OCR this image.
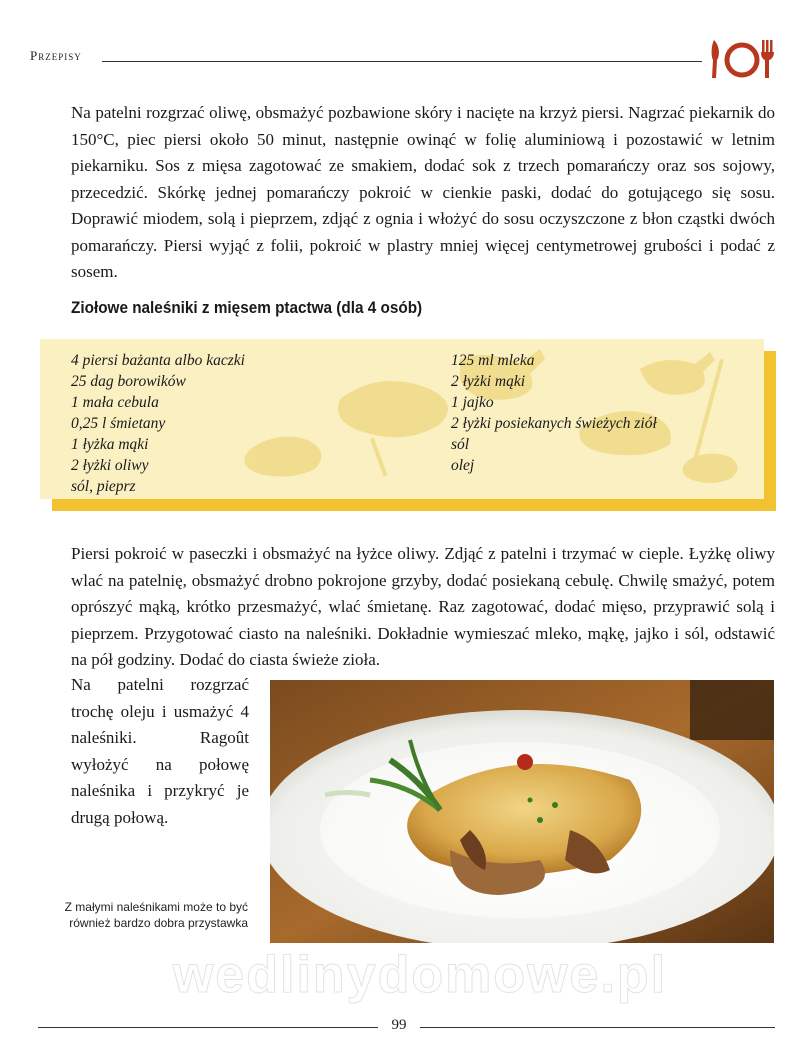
Przepisy

Na patelni rozgrzać oliwę, obsmażyć pozbawione skóry i nacięte na krzyż piersi. Nagrzać piekarnik do 150°C, piec piersi około 50 minut, następnie owinąć w folię aluminiową i pozostawić w letnim piekarniku. Sos z mięsa zagotować ze smakiem, dodać sok z trzech pomarańczy oraz sos sojowy, przecedzić. Skórkę jednej pomarańczy pokroić w cienkie paski, dodać do gotującego się sosu. Doprawić miodem, solą i pieprzem, zdjąć z ognia i włożyć do sosu oczyszczone z błon cząstki dwóch pomarańczy. Piersi wyjąć z folii, pokroić w plastry mniej więcej centymetrowej grubości i podać z sosem.

Ziołowe naleśniki z mięsem ptactwa (dla 4 osób)
4 piersi bażanta albo kaczki
25 dag borowików
1 mała cebula
0,25 l śmietany
1 łyżka mąki
2 łyżki oliwy
sól, pieprz
125 ml mleka
2 łyżki mąki
1 jajko
2 łyżki posiekanych świeżych ziół
sól
olej

Piersi pokroić w paseczki i obsmażyć na łyżce oliwy. Zdjąć z patelni i trzymać w cieple. Łyżkę oliwy wlać na patelnię, obsmażyć drobno pokrojone grzyby, dodać posiekaną cebulę. Chwilę smażyć, potem oprószyć mąką, krótko przesmażyć, wlać śmietanę. Raz zagotować, dodać mięso, przyprawić solą i pieprzem. Przygotować ciasto na naleśniki. Dokładnie wymieszać mleko, mąkę, jajko i sól, odstawić na pół godziny. Dodać do ciasta świeże zioła.

Na patelni rozgrzać trochę oleju i usmażyć 4 naleśniki. Ragoût wyłożyć na połowę naleśnika i przykryć je drugą połową.

Z małymi naleśnikami może to być również bardzo dobra przystawka

wedlinydomowe.pl
99
